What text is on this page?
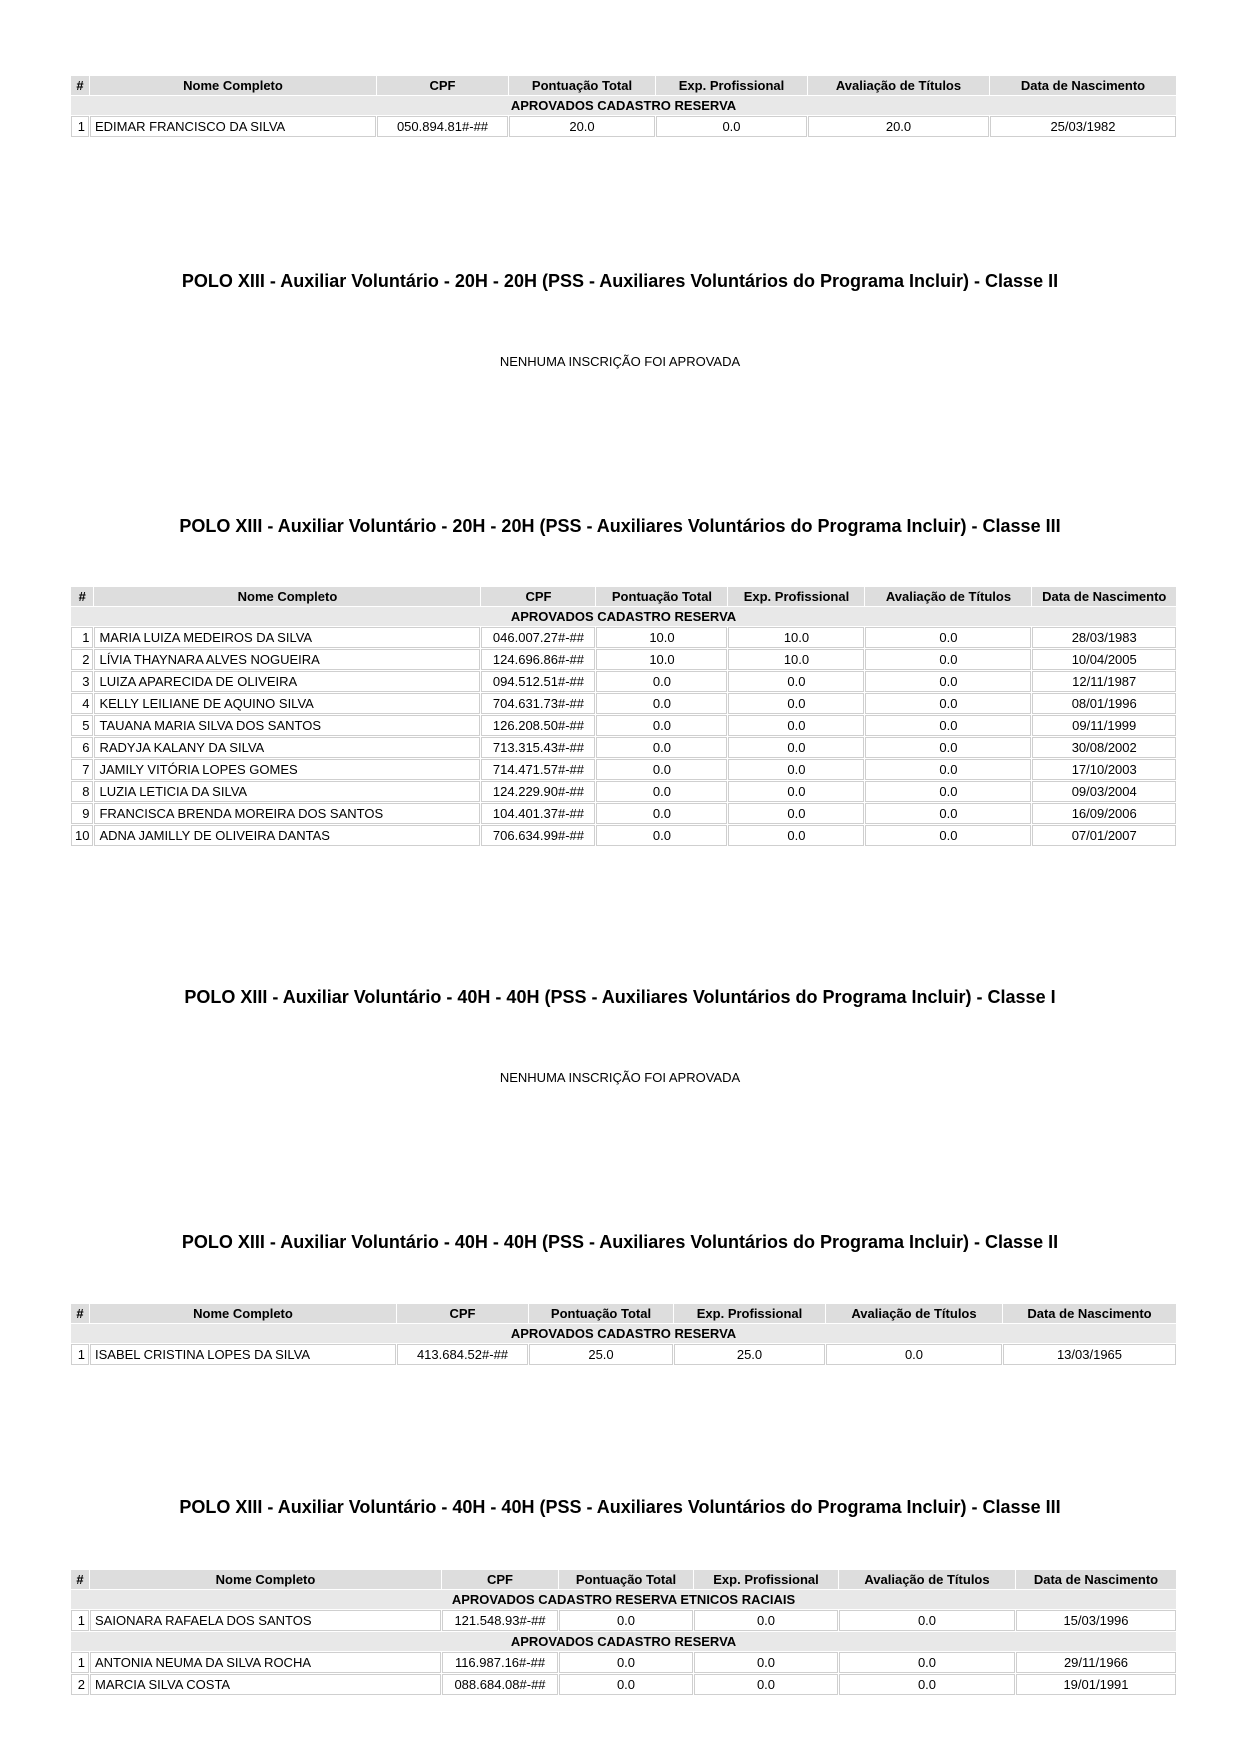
#	Nome Completo	CPF	Pontuação Total	Exp. Profissional	Avaliação de Títulos	Data de Nascimento
APROVADOS CADASTRO RESERVA						
1	EDIMAR FRANCISCO DA SILVA	050.894.81#-##	20.0	0.0	20.0	25/03/1982
POLO XIII - Auxiliar Voluntário - 20H - 20H (PSS - Auxiliares Voluntários do Programa Incluir) - Classe II
NENHUMA INSCRIÇÃO FOI APROVADA
POLO XIII - Auxiliar Voluntário - 20H - 20H (PSS - Auxiliares Voluntários do Programa Incluir) - Classe III
#	Nome Completo	CPF	Pontuação Total	Exp. Profissional	Avaliação de Títulos	Data de Nascimento
APROVADOS CADASTRO RESERVA						
1	MARIA LUIZA MEDEIROS DA SILVA	046.007.27#-##	10.0	10.0	0.0	28/03/1983
2	LÍVIA THAYNARA ALVES NOGUEIRA	124.696.86#-##	10.0	10.0	0.0	10/04/2005
3	LUIZA APARECIDA DE OLIVEIRA	094.512.51#-##	0.0	0.0	0.0	12/11/1987
4	KELLY LEILIANE DE AQUINO SILVA	704.631.73#-##	0.0	0.0	0.0	08/01/1996
5	TAUANA MARIA SILVA DOS SANTOS	126.208.50#-##	0.0	0.0	0.0	09/11/1999
6	RADYJA KALANY DA SILVA	713.315.43#-##	0.0	0.0	0.0	30/08/2002
7	JAMILY VITÓRIA LOPES GOMES	714.471.57#-##	0.0	0.0	0.0	17/10/2003
8	LUZIA LETICIA DA SILVA	124.229.90#-##	0.0	0.0	0.0	09/03/2004
9	FRANCISCA BRENDA MOREIRA DOS SANTOS	104.401.37#-##	0.0	0.0	0.0	16/09/2006
10	ADNA JAMILLY DE OLIVEIRA DANTAS	706.634.99#-##	0.0	0.0	0.0	07/01/2007
POLO XIII - Auxiliar Voluntário - 40H - 40H (PSS - Auxiliares Voluntários do Programa Incluir) - Classe I
NENHUMA INSCRIÇÃO FOI APROVADA
POLO XIII - Auxiliar Voluntário - 40H - 40H (PSS - Auxiliares Voluntários do Programa Incluir) - Classe II
#	Nome Completo	CPF	Pontuação Total	Exp. Profissional	Avaliação de Títulos	Data de Nascimento
APROVADOS CADASTRO RESERVA						
1	ISABEL CRISTINA LOPES DA SILVA	413.684.52#-##	25.0	25.0	0.0	13/03/1965
POLO XIII - Auxiliar Voluntário - 40H - 40H (PSS - Auxiliares Voluntários do Programa Incluir) - Classe III
#	Nome Completo	CPF	Pontuação Total	Exp. Profissional	Avaliação de Títulos	Data de Nascimento
APROVADOS CADASTRO RESERVA ETNICOS RACIAIS						
1	SAIONARA RAFAELA DOS SANTOS	121.548.93#-##	0.0	0.0	0.0	15/03/1996
APROVADOS CADASTRO RESERVA						
1	ANTONIA NEUMA DA SILVA ROCHA	116.987.16#-##	0.0	0.0	0.0	29/11/1966
2	MARCIA SILVA COSTA	088.684.08#-##	0.0	0.0	0.0	19/01/1991
